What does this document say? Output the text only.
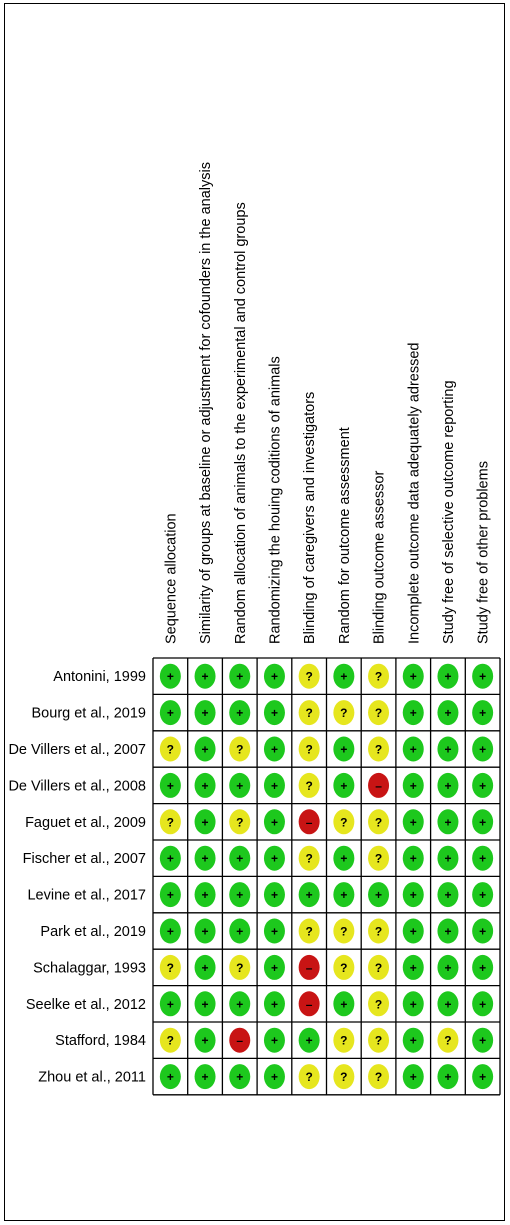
Sequence allocation Similarity of groups at baseline or adjustment for cofounders in the analysis Random allocation of animals to the experimental and control groups Randomizing the houing coditions of animals Blinding of caregivers and investigators Random for outcome assessment Blinding outcome assessor Incomplete outcome data adequately adressed Study free of selective outcome reporting Study free of other problems
Antonini, 1999
Bourg et al., 2019
De Villers et al., 2007
De Villers et al., 2008
Faguet et al., 2009
Fischer et al., 2007
Levine et al., 2017
Park et al., 2019
Schalaggar, 1993
Seelke et al., 2012
Stafford, 1984
Zhou et al., 2011
+ + + + ? + ? + + +
+ + + + ? ? ? + + +
? + ? + ? + ? + + +
+ + + + ? + – + + +
? + ? + – ? ? + + +
+ + + + ? + ? + + +
+ + + + + + + + + +
+ + + + ? ? ? + + +
? + ? + – ? ? + + +
+ + + + – + ? + + +
? + – + + ? ? + ? +
+ + + + ? ? ? + + +
